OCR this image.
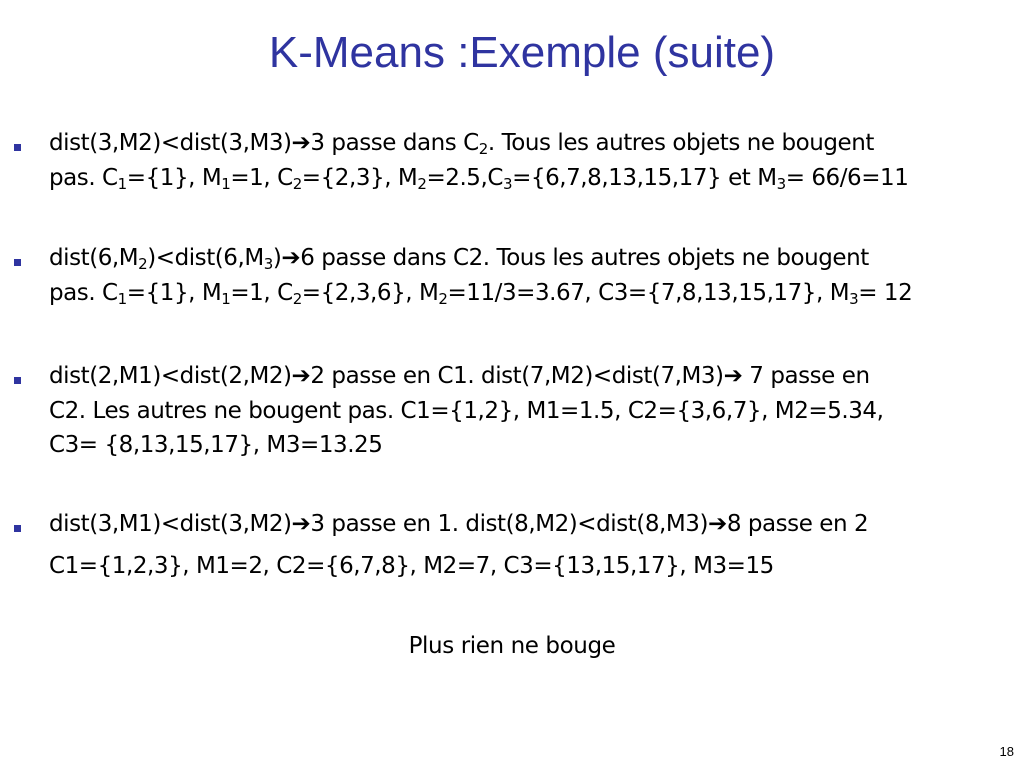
K-Means :Exemple (suite)
dist(3,M2)<dist(3,M3)➔3 passe dans $C_2$. Tous les autres objets ne bougent
pas. $C_1=\{1\}$, $M_1=1$, $C_2=\{2,3\}$, $M_2=2.5,C_3=\{6,7,8,13,15,17\}$ et $M_3= 66/6=11$
$dist(6,M_2)<dist(6,M_3)➔6$ passe dans C2. Tous les autres objets ne bougent
pas. $C_1=\{1\}$, $M_1=1$, $C_2=\{2,3,6\}$, $M_2=11/3=3.67$, C3={7,8,13,15,17}, $M_3= 12$
dist(2,M1)<dist(2,M2)➔2 passe en C1. dist(7,M2)<dist(7,M3)➔ 7 passe en
C2. Les autres ne bougent pas. C1={1,2}, M1=1.5, C2={3,6,7}, M2=5.34,
C3= {8,13,15,17}, M3=13.25
dist(3,M1)<dist(3,M2)➔3 passe en 1. dist(8,M2)<dist(8,M3)➔8 passe en 2
C1={1,2,3}, M1=2, C2={6,7,8}, M2=7, C3={13,15,17}, M3=15
Plus rien ne bouge
18
